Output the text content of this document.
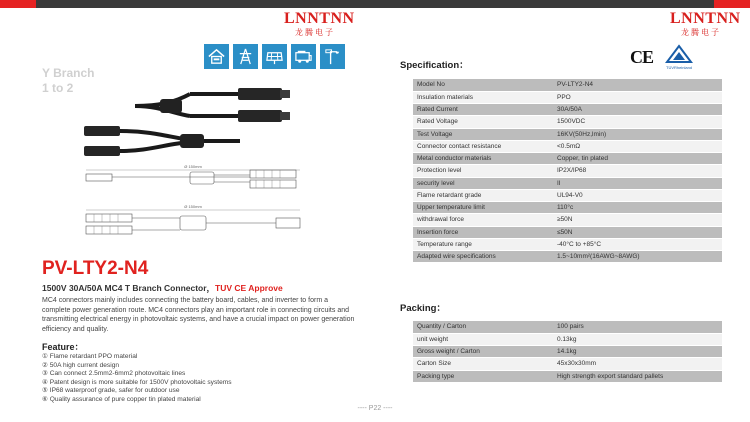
LNNTNN
龙腾电子
Y Branch
1 to 2
Ø 150mm
Ø 150mm
PV-LTY2-N4
1500V 30A/50A MC4 T Branch Connector，TUV CE Approve
MC4 connectors mainly includes connecting the battery board, cables, and inverter to form a complete power generation route. MC4 connectors play an important role in connecting circuits and transmitting electrical energy in photovoltaic systems, and have a crucial impact on power generation efficiency and quality.
Feature：
① Flame retardant PPO material
② 50A high current design
③ Can connect 2.5mm2-6mm2 photovoltaic lines
④ Patent design is more suitable for 1500V photovoltaic systems
⑤ IP68 waterproof grade, safer for outdoor use
⑥ Quality assurance of pure copper tin plated material
LNNTNN
龙腾电子
Specification：	CE
TÜVRheinland
Model No	PV-LTY2-N4
Insulation materials	PPO
Rated Current	30A/50A
Rated Voltage	1500VDC
Test Voltage	16KV(50Hz,lmin)
Connector contact resistance	<0.5mΩ
Metal conductor materials	Copper, tin plated
Protection level	IP2X/IP68
security level	II
Flame retardant grade	UL94-V0
Upper temperature limit	110°c
withdrawal force	≥50N
Insertion force	≤50N
Temperature range	-40°C to +85°C
Adapted wire specifications	1.5~10mm²(16AWG~8AWG)
Packing：
Quantity / Carton	100 pairs
unit weight	0.13kg
Gross weight / Carton	14.1kg
Carton Size	45x30x30mm
Packing type	High strength export standard pallets
---- P22 ----
